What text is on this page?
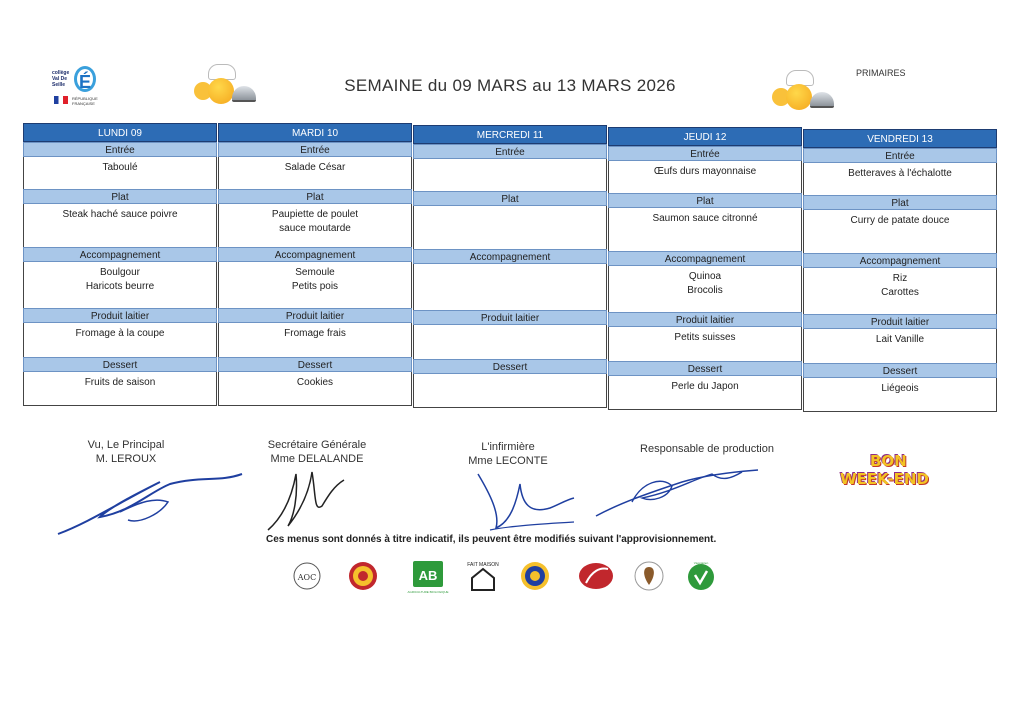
collège Val De Seille É
RÉPUBLIQUE FRANÇAISE
SEMAINE du 09 MARS au 13 MARS 2026
PRIMAIRES
LUNDI 09
Entrée
Taboulé
Plat
Steak haché sauce poivre
Accompagnement
Boulgour
Haricots beurre
Produit laitier
Fromage à la coupe
Dessert
Fruits de saison
MARDI 10
Entrée
Salade César
Plat
Paupiette de poulet
sauce moutarde
Accompagnement
Semoule
Petits pois
Produit laitier
Fromage frais
Dessert
Cookies
MERCREDI 11
Entrée
Plat
Accompagnement
Produit laitier
Dessert
JEUDI 12
Entrée
Œufs durs mayonnaise
Plat
Saumon sauce citronné
Accompagnement
Quinoa
Brocolis
Produit laitier
Petits suisses
Dessert
Perle du Japon
VENDREDI 13
Entrée
Betteraves à l'échalotte
Plat
Curry de patate douce
Accompagnement
Riz
Carottes
Produit laitier
Lait Vanille
Dessert
Liégeois
Vu, Le Principal
M. LEROUX
Secrétaire Générale
Mme DELALANDE
L'infirmière
Mme LECONTE
Responsable de production
BON
WEEK-END
Ces menus sont donnés à titre indicatif, ils peuvent être modifiés suivant l'approvisionnement.
AOC	AB
AGRICULTURE BIOLOGIQUE
FAIT MAISON	Végétarien
